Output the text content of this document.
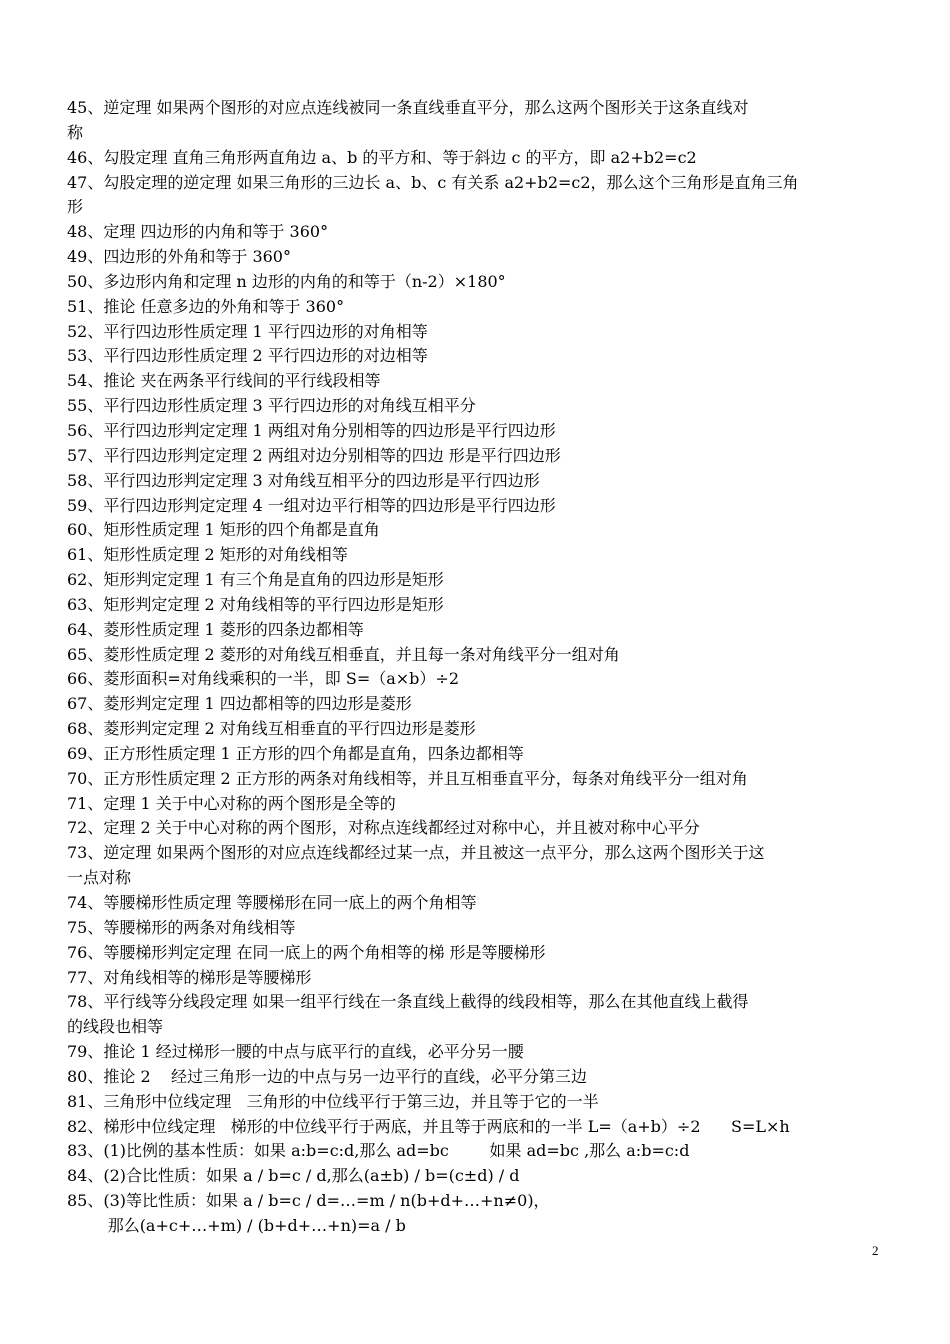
45、逆定理 如果两个图形的对应点连线被同一条直线垂直平分，那么这两个图形关于这条直线对
称
46、勾股定理 直角三角形两直角边 a、b 的平方和、等于斜边 c 的平方，即 a2+b2=c2
47、勾股定理的逆定理 如果三角形的三边长 a、b、c 有关系 a2+b2=c2，那么这个三角形是直角三角
形
48、定理 四边形的内角和等于 360°
49、四边形的外角和等于 360°
50、多边形内角和定理 n 边形的内角的和等于（n-2）×180°
51、推论 任意多边的外角和等于 360°
52、平行四边形性质定理 1 平行四边形的对角相等
53、平行四边形性质定理 2 平行四边形的对边相等
54、推论 夹在两条平行线间的平行线段相等
55、平行四边形性质定理 3 平行四边形的对角线互相平分
56、平行四边形判定定理 1 两组对角分别相等的四边形是平行四边形
57、平行四边形判定定理 2 两组对边分别相等的四边 形是平行四边形
58、平行四边形判定定理 3 对角线互相平分的四边形是平行四边形
59、平行四边形判定定理 4 一组对边平行相等的四边形是平行四边形
60、矩形性质定理 1 矩形的四个角都是直角
61、矩形性质定理 2 矩形的对角线相等
62、矩形判定定理 1 有三个角是直角的四边形是矩形
63、矩形判定定理 2 对角线相等的平行四边形是矩形
64、菱形性质定理 1 菱形的四条边都相等
65、菱形性质定理 2 菱形的对角线互相垂直，并且每一条对角线平分一组对角
66、菱形面积=对角线乘积的一半，即 S=（a×b）÷2
67、菱形判定定理 1 四边都相等的四边形是菱形
68、菱形判定定理 2 对角线互相垂直的平行四边形是菱形
69、正方形性质定理 1 正方形的四个角都是直角，四条边都相等
70、正方形性质定理 2 正方形的两条对角线相等，并且互相垂直平分，每条对角线平分一组对角
71、定理 1 关于中心对称的两个图形是全等的
72、定理 2 关于中心对称的两个图形，对称点连线都经过对称中心，并且被对称中心平分
73、逆定理 如果两个图形的对应点连线都经过某一点，并且被这一点平分，那么这两个图形关于这
一点对称
74、等腰梯形性质定理 等腰梯形在同一底上的两个角相等
75、等腰梯形的两条对角线相等
76、等腰梯形判定定理 在同一底上的两个角相等的梯 形是等腰梯形
77、对角线相等的梯形是等腰梯形
78、平行线等分线段定理 如果一组平行线在一条直线上截得的线段相等，那么在其他直线上截得
的线段也相等
79、推论 1 经过梯形一腰的中点与底平行的直线，必平分另一腰
80、推论 2    经过三角形一边的中点与另一边平行的直线，必平分第三边
81、三角形中位线定理   三角形的中位线平行于第三边，并且等于它的一半
82、梯形中位线定理   梯形的中位线平行于两底，并且等于两底和的一半 L=（a+b）÷2      S=L×h
83、(1)比例的基本性质：如果 a:b=c:d,那么 ad=bc        如果 ad=bc ,那么 a:b=c:d
84、(2)合比性质：如果 a / b=c / d,那么(a±b) / b=(c±d) / d
85、(3)等比性质：如果 a / b=c / d=…=m / n(b+d+…+n≠0)，
那么(a+c+…+m) / (b+d+…+n)=a / b
2
